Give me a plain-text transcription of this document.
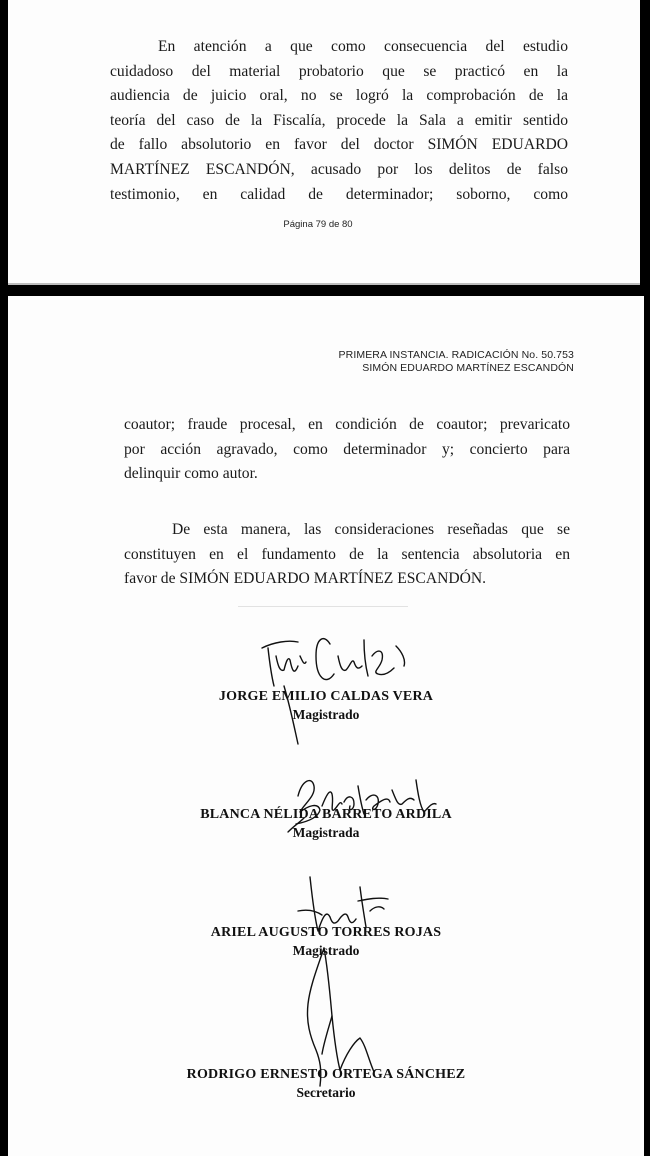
En atención a que como consecuencia del estudio
cuidadoso del material probatorio que se practicó en la
audiencia de juicio oral, no se logró la comprobación de la
teoría del caso de la Fiscalía, procede la Sala a emitir sentido
de fallo absolutorio en favor del doctor SIMÓN EDUARDO
MARTÍNEZ ESCANDÓN, acusado por los delitos de falso
testimonio, en calidad de determinador; soborno, como

Página 79 de 80
PRIMERA INSTANCIA. RADICACIÓN No. 50.753
SIMÓN EDUARDO MARTÍNEZ ESCANDÓN

coautor; fraude procesal, en condición de coautor; prevaricato
por acción agravado, como determinador y; concierto para
delinquir como autor.

De esta manera, las consideraciones reseñadas que se
constituyen en el fundamento de la sentencia absolutoria en
favor de SIMÓN EDUARDO MARTÍNEZ ESCANDÓN.

JORGE EMILIO CALDAS VERA
Magistrado
BLANCA NÉLIDA BARRETO ARDILA
Magistrada
ARIEL AUGUSTO TORRES ROJAS
Magistrado
RODRIGO ERNESTO ORTEGA SÁNCHEZ
Secretario
